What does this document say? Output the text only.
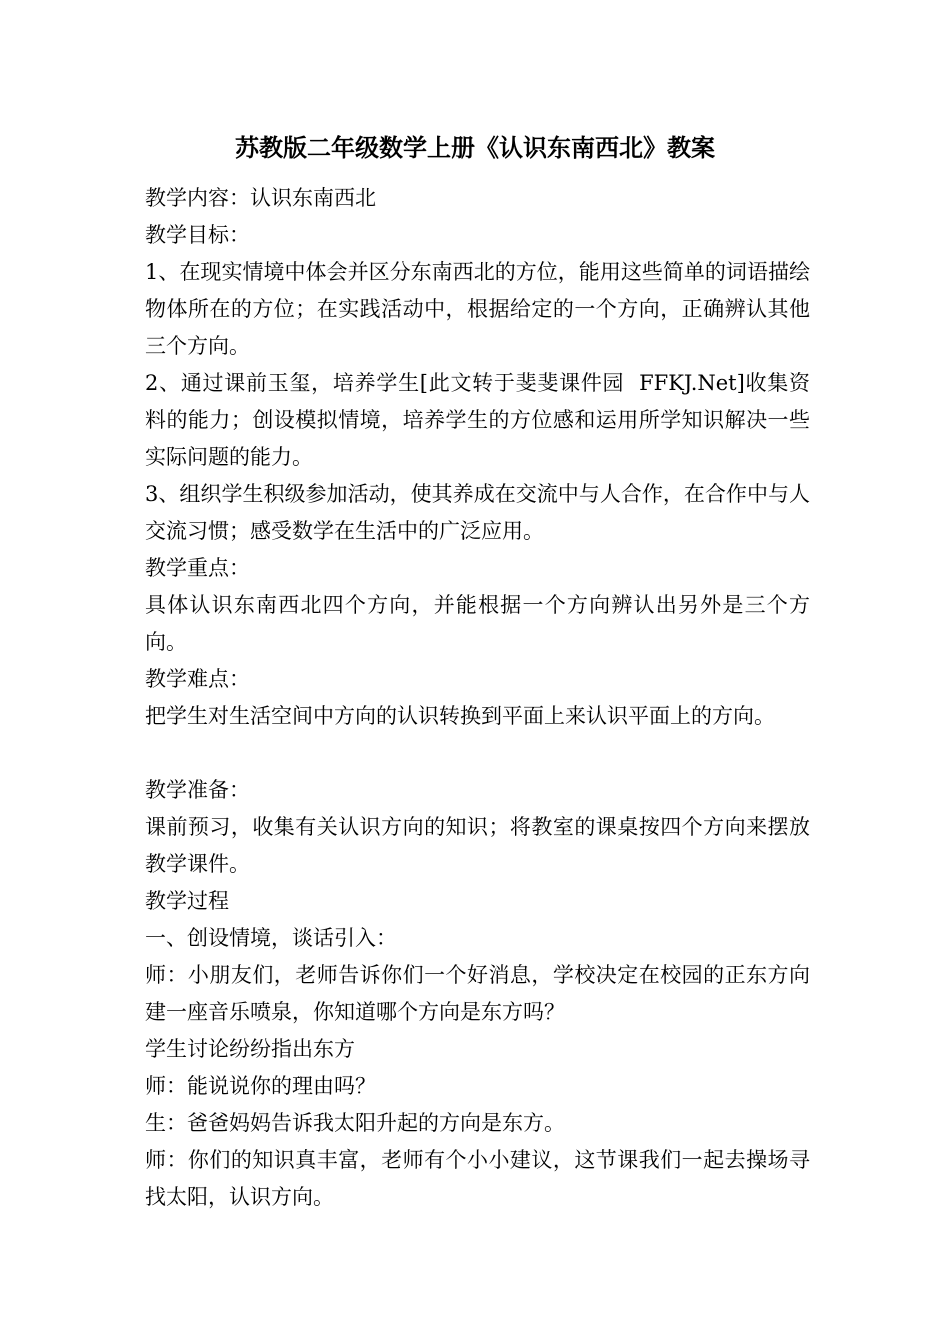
苏教版二年级数学上册《认识东南西北》教案

教学内容：认识东南西北

教学目标：

1、在现实情境中体会并区分东南西北的方位，能用这些简单的词语描绘物体所在的方位；在实践活动中，根据给定的一个方向，正确辨认其他三个方向。

2、通过课前玉玺，培养学生[此文转于斐斐课件园  FFKJ.Net]收集资料的能力；创设模拟情境，培养学生的方位感和运用所学知识解决一些实际问题的能力。

3、组织学生积级参加活动，使其养成在交流中与人合作，在合作中与人交流习惯；感受数学在生活中的广泛应用。

教学重点：

具体认识东南西北四个方向，并能根据一个方向辨认出另外是三个方向。

教学难点：

把学生对生活空间中方向的认识转换到平面上来认识平面上的方向。

教学准备：

课前预习，收集有关认识方向的知识；将教室的课桌按四个方向来摆放教学课件。

教学过程

一、创设情境，谈话引入：

师：小朋友们，老师告诉你们一个好消息，学校决定在校园的正东方向建一座音乐喷泉，你知道哪个方向是东方吗？

学生讨论纷纷指出东方

师：能说说你的理由吗？

生：爸爸妈妈告诉我太阳升起的方向是东方。

师：你们的知识真丰富，老师有个小小建议，这节课我们一起去操场寻找太阳，认识方向。
